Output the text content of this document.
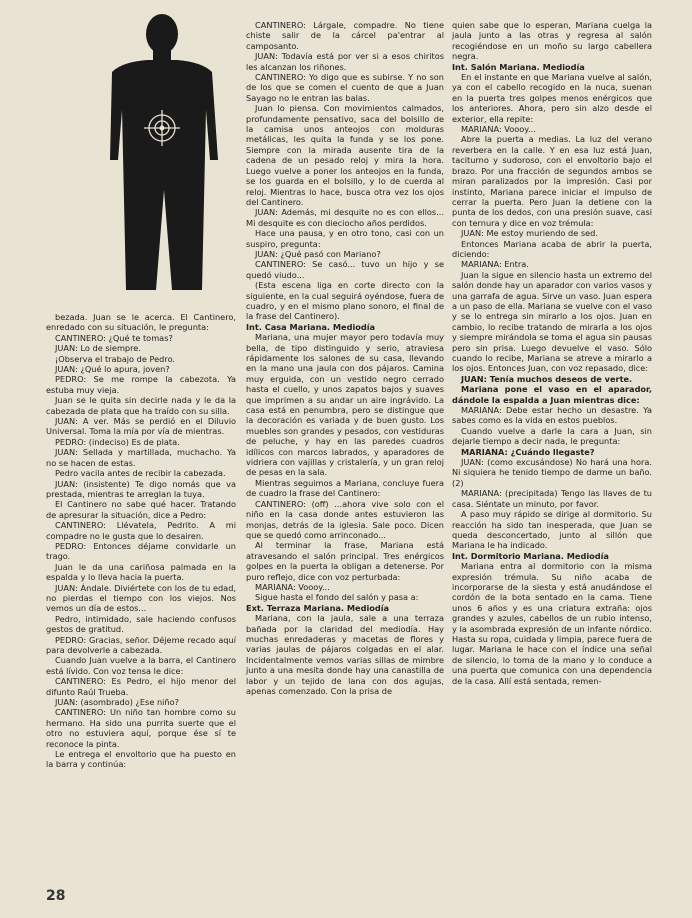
bezada. Juan se le acerca. El Cantinero, enredado con su situación, le pregunta:

CANTINERO: ¿Qué te tomas?

JUAN: Lo de siempre.

¡Observa el trabajo de Pedro.

JUAN: ¿Qué lo apura, joven?

PEDRO: Se me rompe la cabezota. Ya estuba muy vieja.

Juan se le quita sin decirle nada y le da la cabezada de plata que ha traído con su silla.

JUAN: A ver. Más se perdió en el Diluvio Universal. Toma la mía por vía de mientras.

PEDRO: (indeciso) Es de plata.

JUAN: Sellada y martillada, muchacho. Ya no se hacen de estas.

Pedro vacila antes de recibir la cabezada.

JUAN: (insistente) Te digo nomás que va prestada, mientras te arreglan la tuya.

El Cantinero no sabe qué hacer. Tratando de apresurar la situación, dice a Pedro:

CANTINERO: Llévatela, Pedrito. A mi compadre no le gusta que lo desairen.

PEDRO: Entonces déjame convidarle un trago.

Juan le da una cariñosa palmada en la espalda y lo lleva hacia la puerta.

JUAN: Ándale. Diviértete con los de tu edad, no pierdas el tiempo con los viejos. Nos vemos un día de estos...

Pedro, intimidado, sale haciendo confusos gestos de gratitud.

PEDRO: Gracias, señor. Déjeme recado aquí para devolverle a cabezada.

Cuando Juan vuelve a la barra, el Cantinero está lívido. Con voz tensa le dice:

CANTINERO: Es Pedro, el hijo menor del difunto Raúl Trueba.

JUAN: (asombrado) ¿Ese niño?

CANTINERO: Un niño tan hombre como su hermano. Ha sido una purrita suerte que el otro no estuviera aquí, porque ése sí te reconoce la pinta.

Le entrega el envoltorio que ha puesto en la barra y continúa:

CANTINERO: Lárgale, compadre. No tiene chiste salir de la cárcel pa'entrar al camposanto.

JUAN: Todavía está por ver si a esos chiritos les alcanzan los riñones.

CANTINERO: Yo digo que es subirse. Y no son de los que se comen el cuento de que a Juan Sayago no le entran las balas.

Juan lo piensa. Con movimientos calmados, profundamente pensativo, saca del bolsillo de la camisa unos anteojos con molduras metálicas, les quita la funda y se los pone. Siempre con la mirada ausente tira de la cadena de un pesado reloj y mira la hora. Luego vuelve a poner los anteojos en la funda, se los guarda en el bolsillo, y lo de cuerda al reloj. Mientras lo hace, busca otra vez los ojos del Cantinero.

JUAN: Además, mi desquite no es con ellos... Mi desquite es con dieciocho años perdidos.

Hace una pausa, y en otro tono, casi con un suspiro, pregunta:

JUAN: ¿Qué pasó con Mariano?

CANTINERO: Se casó... tuvo un hijo y se quedó viudo...

(Esta escena liga en corte directo con la siguiente, en la cual seguirá oyéndose, fuera de cuadro, y en el mismo plano sonoro, el final de la frase del Cantinero).

Int. Casa Mariana. Mediodía

Mariana, una mujer mayor pero todavía muy bella, de tipo distinguido y serio, atraviesa rápidamente los salones de su casa, llevando en la mano una jaula con dos pájaros. Camina muy erguida, con un vestido negro cerrado hasta el cuello, y unos zapatos bajos y suaves que imprimen a su andar un aire ingrávido. La casa está en penumbra, pero se distingue que la decoración es variada y de buen gusto. Los muebles son grandes y pesados, con vestiduras de peluche, y hay en las paredes cuadros idílicos con marcos labrados, y aparadores de vidriera con vajillas y cristalería, y un gran reloj de pesas en la sala.

Mientras seguimos a Mariana, concluye fuera de cuadro la frase del Cantinero:

CANTINERO: (off) ...ahora vive solo con el niño en la casa donde antes estuvieron las monjas, detrás de la iglesia. Sale poco. Dicen que se quedó como arrinconado...

Al terminar la frase, Mariana está atravesando el salón principal. Tres enérgicos golpes en la puerta la obligan a detenerse. Por puro reflejo, dice con voz perturbada:

MARIANA: Voooy...

Sigue hasta el fondo del salón y pasa a:

Ext. Terraza Mariana. Mediodía

Mariana, con la jaula, sale a una terraza bañada por la claridad del mediodía. Hay muchas enredaderas y macetas de flores y varias jaulas de pájaros colgadas en el alar. Incidentalmente vemos varias sillas de mimbre junto a una mesita donde hay una canastilla de labor y un tejido de lana con dos agujas, apenas comenzado. Con la prisa de

quien sabe que lo esperan, Mariana cuelga la jaula junto a las otras y regresa al salón recogiéndose en un moño su largo cabellera negra.

Int. Salón Mariana. Mediodía

En el instante en que Mariana vuelve al salón, ya con el cabello recogido en la nuca, suenan en la puerta tres golpes menos enérgicos que los anteriores. Ahora, pero sin alzo desde el exterior, ella repite:

MARIANA: Voooy...

Abre la puerta a medias. La luz del verano reverbera en la calle. Y en esa luz está Juan, taciturno y sudoroso, con el envoltorio bajo el brazo. Por una fracción de segundos ambos se miran paralizados por la impresión. Casi por instinto, Mariana parece iniciar el impulso de cerrar la puerta. Pero Juan la detiene con la punta de los dedos, con una presión suave, casi con ternura y dice en voz trémula:

JUAN: Me estoy muriendo de sed.

Entonces Mariana acaba de abrir la puerta, diciendo:

MARIANA: Entra.

Juan la sigue en silencio hasta un extremo del salón donde hay un aparador con varios vasos y una garrafa de agua. Sirve un vaso. Juan espera a un paso de ella. Mariana se vuelve con el vaso y se lo entrega sin mirarlo a los ojos. Juan en cambio, lo recibe tratando de mirarla a los ojos y siempre mirándola se toma el agua sin pausas pero sin prisa. Luego devuelve el vaso. Sólo cuando lo recibe, Mariana se atreve a mirarlo a los ojos. Entonces Juan, con voz repasado, dice:

JUAN: Tenía muchos deseos de verte.

Mariana pone el vaso en el aparador, dándole la espalda a Juan mientras dice:

MARIANA: Debe estar hecho un desastre. Ya sabes como es la vida en estos pueblos.

Cuando vuelve a darle la cara a Juan, sin dejarle tiempo a decir nada, le pregunta:

MARIANA: ¿Cuándo llegaste?

JUAN: (como excusándose) No hará una hora. Ni siquiera he tenido tiempo de darme un baño.(2)

MARIANA: (precipitada) Tengo las llaves de tu casa. Siéntate un minuto, por favor.

A paso muy rápido se dirige al dormitorio. Su reacción ha sido tan inesperada, que Juan se queda desconcertado, junto al sillón que Mariana le ha indicado.

Int. Dormitorio Mariana. Mediodía

Mariana entra al dormitorio con la misma expresión trémula. Su niño acaba de incorporarse de la siesta y está anudándose el cordón de la bota sentado en la cama. Tiene unos 6 años y es una criatura extraña: ojos grandes y azules, cabellos de un rubio intenso, y la asombrada expresión de un infante nórdico. Hasta su ropa, cuidada y limpia, parece fuera de lugar. Mariana le hace con el índice una señal de silencio, lo toma de la mano y lo conduce a una puerta que comunica con una dependencia de la casa. Allí está sentada, remen-

28
